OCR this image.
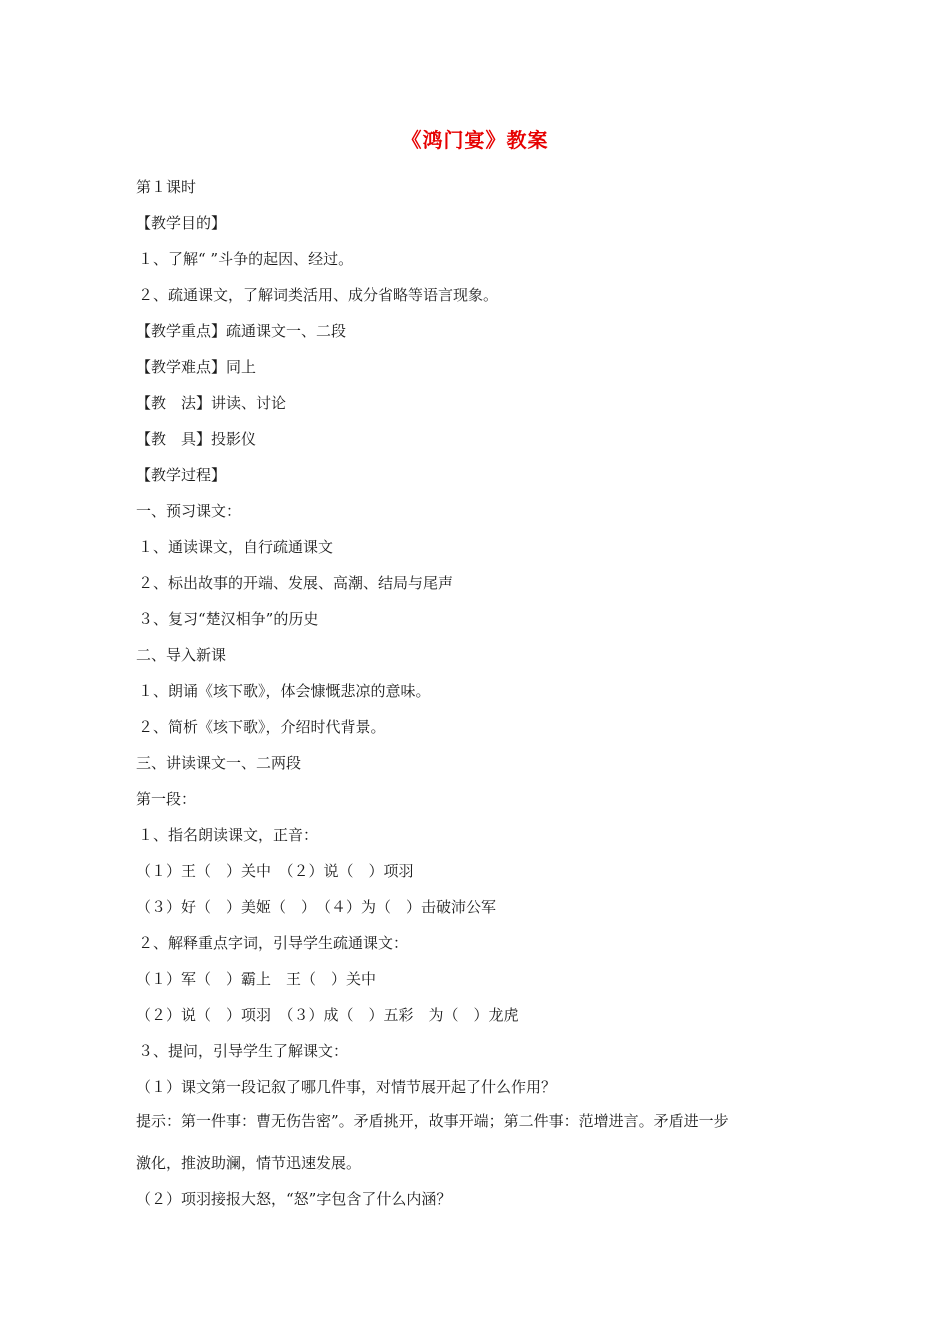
《鸿门宴》教案
第１课时
【教学目的】
１、了解“ ”斗争的起因、经过。
２、疏通课文，了解词类活用、成分省略等语言现象。
【教学重点】疏通课文一、二段
【教学难点】同上
【教　法】讲读、讨论
【教　具】投影仪
【教学过程】
一、预习课文：
１、通读课文，自行疏通课文
２、标出故事的开端、发展、高潮、结局与尾声
３、复习“楚汉相争”的历史
二、导入新课
１、朗诵《垓下歌》，体会慷慨悲凉的意味。
２、简析《垓下歌》，介绍时代背景。
三、讲读课文一、二两段
第一段：
１、指名朗读课文，正音：
（１）王（　）关中　（２）说（　）项羽
（３）好（　）美姬（　）　（４）为（　）击破沛公军
２、解释重点字词，引导学生疏通课文：
（１）军（　）霸上　王（　）关中
（２）说（　）项羽　（３）成（　）五彩　为（　）龙虎
３、提问，引导学生了解课文：
（１）课文第一段记叙了哪几件事，对情节展开起了什么作用？
提示：第一件事：曹无伤告密”。矛盾挑开，故事开端；第二件事：范增进言。矛盾进一步
激化，推波助澜，情节迅速发展。
（２）项羽接报大怒，“怒”字包含了什么内涵？
